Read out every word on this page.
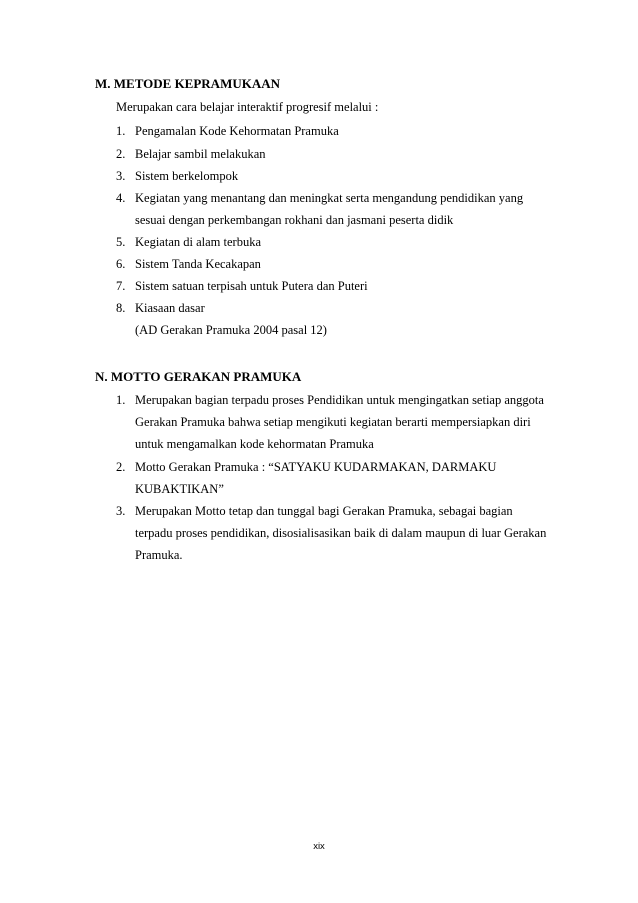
M. METODE KEPRAMUKAAN
Merupakan cara belajar interaktif progresif melalui :
1. Pengamalan Kode Kehormatan Pramuka
2. Belajar sambil melakukan
3. Sistem berkelompok
4. Kegiatan yang menantang dan meningkat serta mengandung pendidikan yang
sesuai dengan perkembangan rokhani dan jasmani peserta didik
5. Kegiatan di alam terbuka
6. Sistem Tanda Kecakapan
7. Sistem satuan terpisah untuk Putera dan Puteri
8. Kiasaan dasar
(AD Gerakan Pramuka 2004 pasal 12)
N. MOTTO GERAKAN PRAMUKA
1. Merupakan bagian terpadu proses Pendidikan untuk mengingatkan setiap anggota
Gerakan Pramuka bahwa setiap mengikuti kegiatan berarti mempersiapkan diri
untuk mengamalkan kode kehormatan Pramuka
2. Motto Gerakan Pramuka : “SATYAKU KUDARMAKAN, DARMAKU
KUBAKTIKAN”
3. Merupakan Motto tetap dan tunggal bagi Gerakan Pramuka, sebagai bagian
terpadu proses pendidikan, disosialisasikan baik di dalam maupun di luar Gerakan
Pramuka.
xix
